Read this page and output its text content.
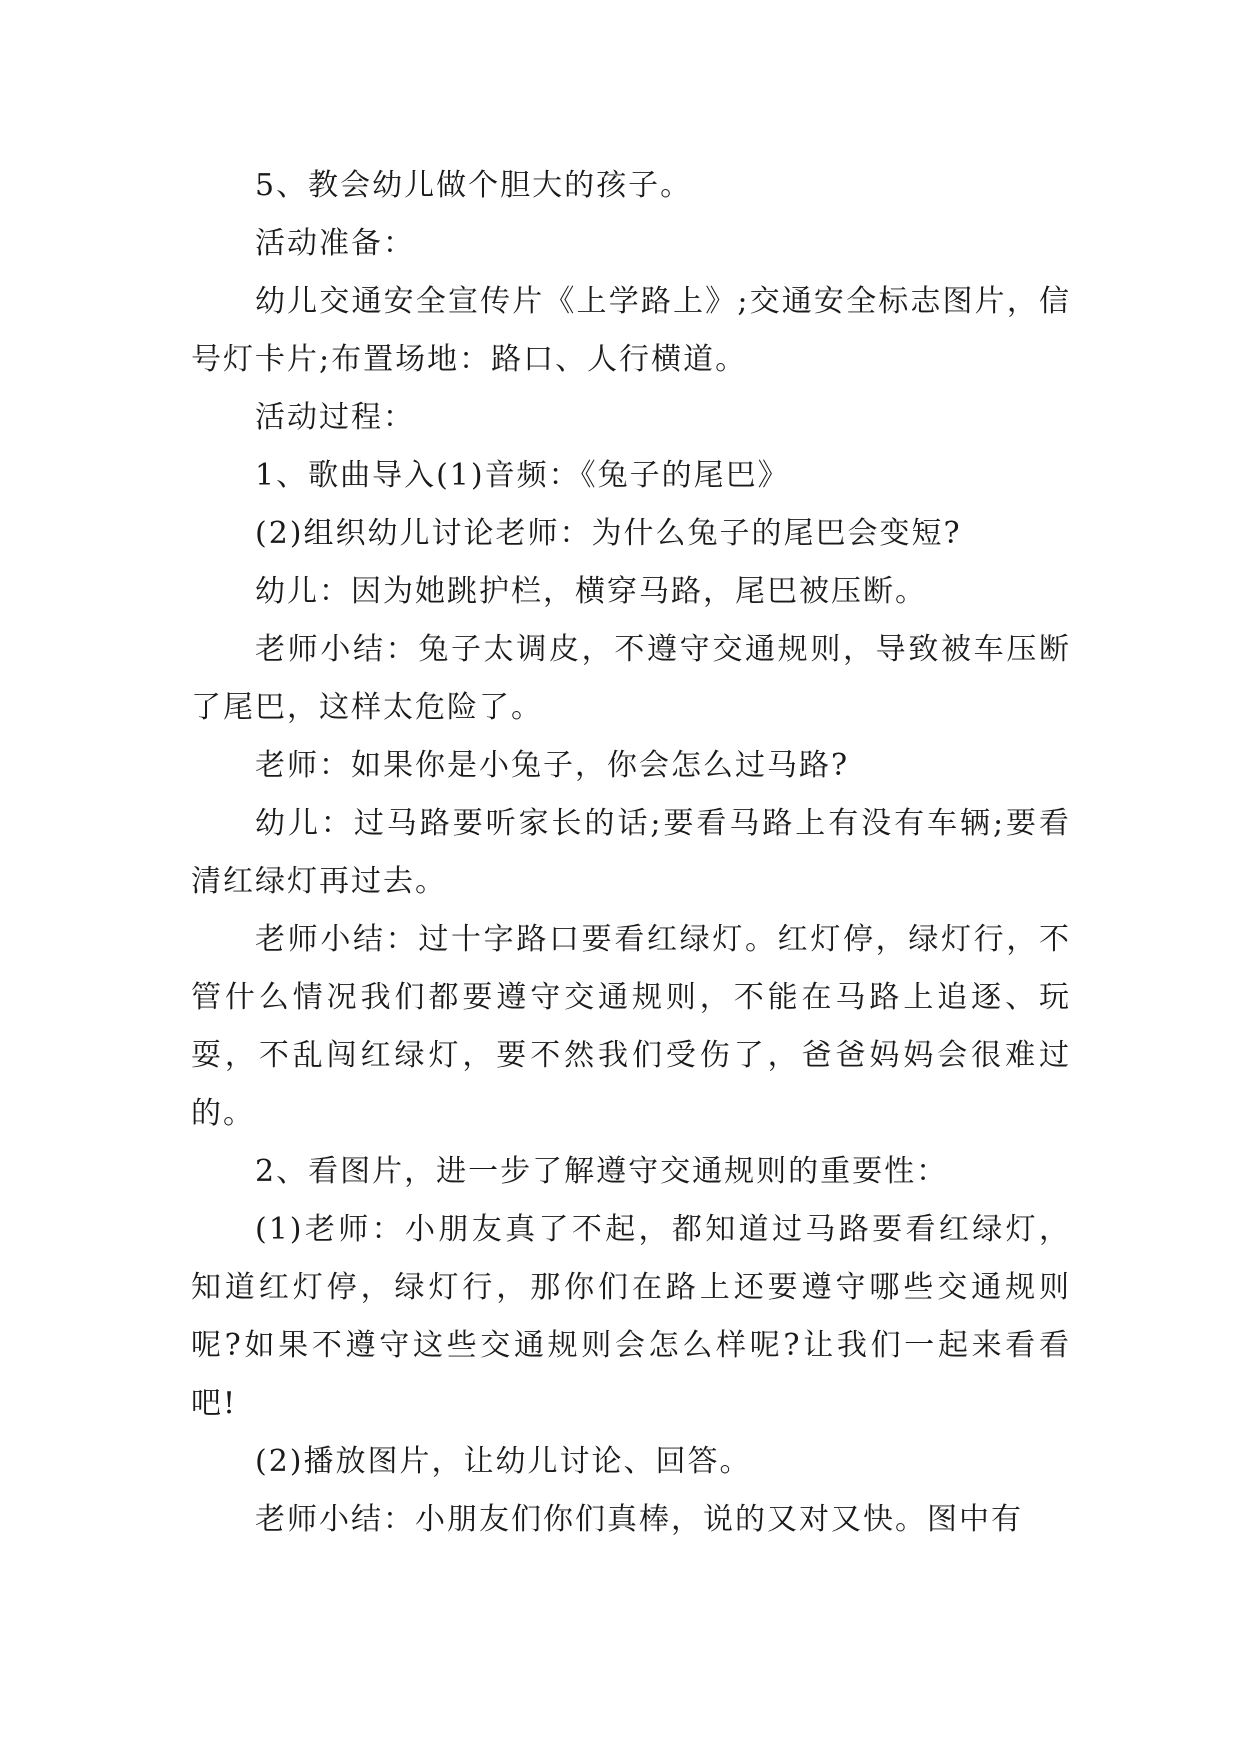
5、教会幼儿做个胆大的孩子。

活动准备：

幼儿交通安全宣传片《上学路上》;交通安全标志图片，信号灯卡片;布置场地：路口、人行横道。

活动过程：

1、歌曲导入(1)音频：《兔子的尾巴》

(2)组织幼儿讨论老师：为什么兔子的尾巴会变短?

幼儿：因为她跳护栏，横穿马路，尾巴被压断。

老师小结：兔子太调皮，不遵守交通规则，导致被车压断了尾巴，这样太危险了。

老师：如果你是小兔子，你会怎么过马路?

幼儿：过马路要听家长的话;要看马路上有没有车辆;要看清红绿灯再过去。

老师小结：过十字路口要看红绿灯。红灯停，绿灯行，不管什么情况我们都要遵守交通规则，不能在马路上追逐、玩耍，不乱闯红绿灯，要不然我们受伤了，爸爸妈妈会很难过的。

2、看图片，进一步了解遵守交通规则的重要性：

(1)老师：小朋友真了不起，都知道过马路要看红绿灯，知道红灯停，绿灯行，那你们在路上还要遵守哪些交通规则呢?如果不遵守这些交通规则会怎么样呢?让我们一起来看看吧!

(2)播放图片，让幼儿讨论、回答。

老师小结：小朋友们你们真棒，说的又对又快。图中有
